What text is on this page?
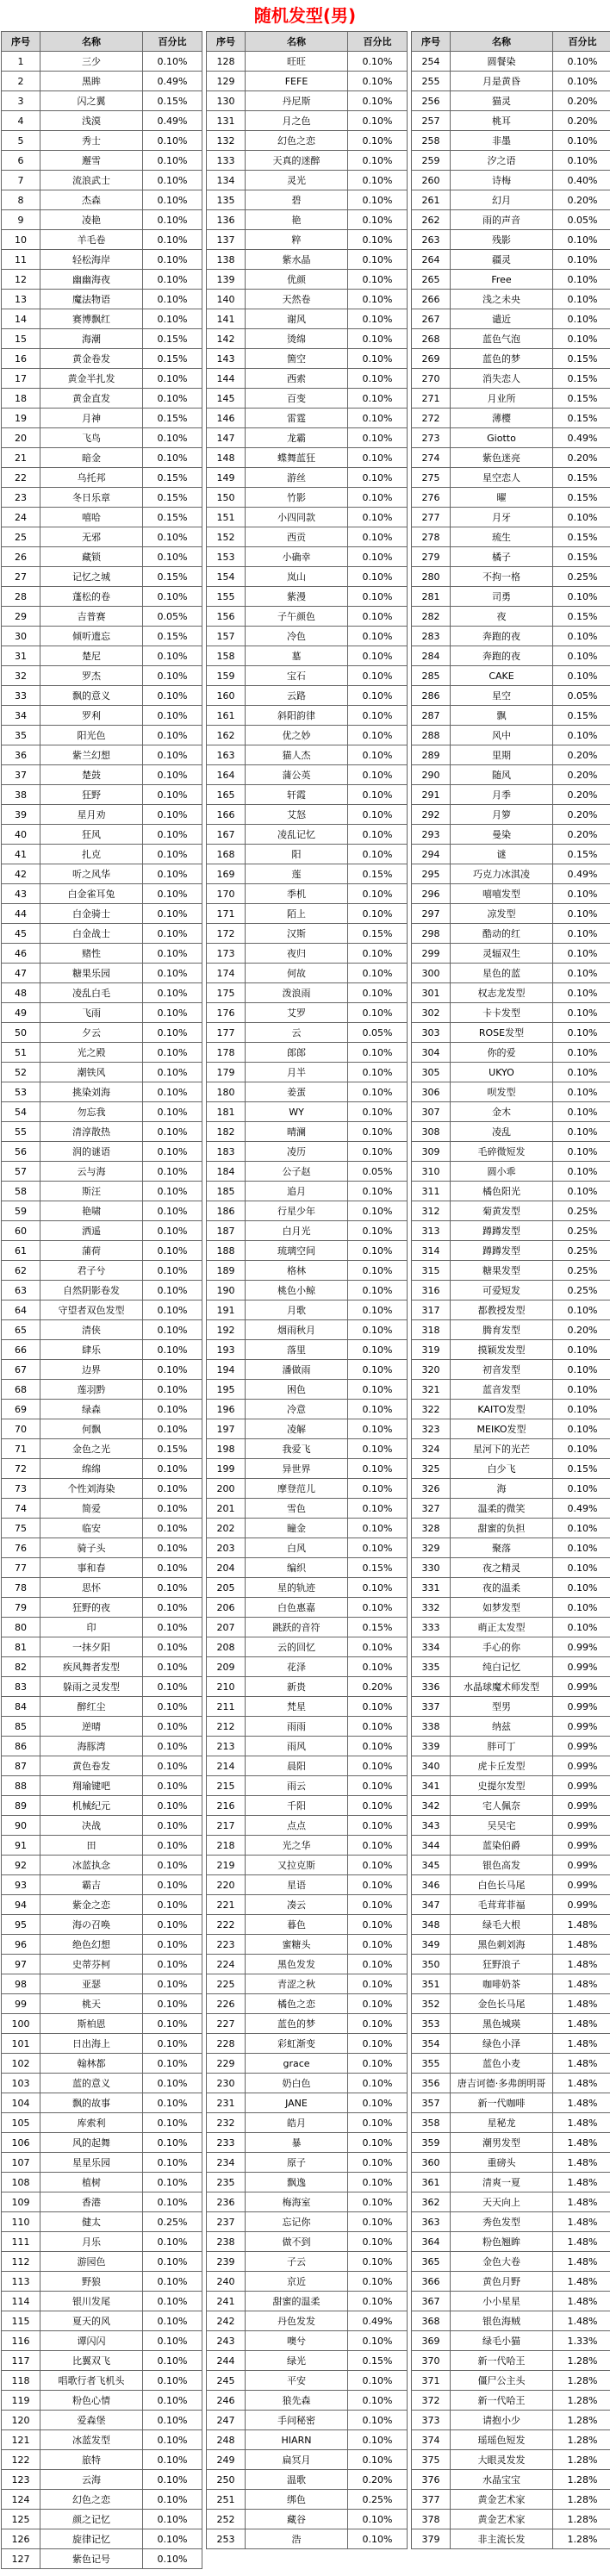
随机发型(男)
序号	名称	百分比
1	三少	0.10%
2	黑眸	0.49%
3	闪之翼	0.15%
4	浅漠	0.49%
5	秀士	0.10%
6	邂雪	0.10%
7	流浪武士	0.10%
8	杰森	0.10%
9	凌艳	0.10%
10	羊毛卷	0.10%
11	轻松海岸	0.10%
12	幽幽海夜	0.10%
13	魔法物语	0.10%
14	赛博飘红	0.10%
15	海潮	0.15%
16	黄金卷发	0.15%
17	黄金半扎发	0.10%
18	黄金直发	0.10%
19	月神	0.15%
20	飞鸟	0.10%
21	暗金	0.10%
22	乌托邦	0.15%
23	冬日乐章	0.15%
24	嘻哈	0.15%
25	无邪	0.10%
26	藏锁	0.10%
27	记忆之城	0.15%
28	蓬松的卷	0.10%
29	吉普赛	0.05%
30	倾听遗忘	0.15%
31	楚尼	0.10%
32	罗杰	0.10%
33	飘的意义	0.10%
34	罗利	0.10%
35	阳光色	0.10%
36	紫兰幻想	0.10%
37	楚鼓	0.10%
38	狂野	0.10%
39	星月劝	0.10%
40	狂风	0.10%
41	扎克	0.10%
42	听之风华	0.10%
43	白金雀耳兔	0.10%
44	白金骑士	0.10%
45	白金战士	0.10%
46	赌性	0.10%
47	糖果乐园	0.10%
48	凌乱白毛	0.10%
49	飞雨	0.10%
50	夕云	0.10%
51	光之殿	0.10%
52	潮铁风	0.10%
53	挑染刘海	0.10%
54	勿忘我	0.10%
55	清淳散热	0.10%
56	润的谜语	0.10%
57	云与海	0.10%
58	斯汪	0.10%
59	艳啸	0.10%
60	洒遥	0.10%
61	蒲荷	0.10%
62	君子兮	0.10%
63	自然阴影卷发	0.10%
64	守望者双色发型	0.10%
65	清侠	0.10%
66	肆乐	0.10%
67	边界	0.10%
68	莲羽黔	0.10%
69	绿森	0.10%
70	何飘	0.10%
71	金色之光	0.15%
72	绵绵	0.10%
73	个性刘海染	0.10%
74	简爱	0.10%
75	临安	0.10%
76	骑子头	0.10%
77	事和春	0.10%
78	思怀	0.10%
79	狂野的夜	0.10%
80	印	0.10%
81	一抹夕阳	0.10%
82	疾风舞者发型	0.10%
83	躲雨之灵发型	0.10%
84	醉红尘	0.10%
85	逆晴	0.10%
86	海豚湾	0.10%
87	黄色卷发	0.10%
88	翔瑜键吧	0.10%
89	机械纪元	0.10%
90	决战	0.10%
91	田	0.10%
92	冰蓝执念	0.10%
93	霸吉	0.10%
94	紫金之恋	0.10%
95	海の召唤	0.10%
96	绝色幻想	0.10%
97	史蒂芬柯	0.10%
98	亚瑟	0.10%
99	桃天	0.10%
100	斯柏恩	0.10%
101	日出海上	0.10%
102	翰林都	0.10%
103	蓝的意义	0.10%
104	飘的故事	0.10%
105	库索利	0.10%
106	风的起舞	0.10%
107	星星乐园	0.10%
108	植树	0.10%
109	香港	0.10%
110	健太	0.25%
111	月乐	0.10%
112	游园色	0.10%
113	野狼	0.10%
114	银川发尾	0.10%
115	夏天的风	0.10%
116	谭闪闪	0.10%
117	比翼双飞	0.10%
118	唱歌行者飞机头	0.10%
119	粉色心情	0.10%
120	爱森堡	0.10%
121	冰蓝发型	0.10%
122	旅特	0.10%
123	云海	0.10%
124	幻色之恋	0.10%
125	颜之记忆	0.10%
126	旋律记忆	0.10%
127	紫色记号	0.10%
序号	名称	百分比
128	旺旺	0.10%
129	FEFE	0.10%
130	丹尼斯	0.10%
131	月之色	0.10%
132	幻色之恋	0.10%
133	天真的迷醉	0.10%
134	灵光	0.10%
135	碧	0.10%
136	艳	0.10%
137	粹	0.10%
138	紫水晶	0.10%
139	优颜	0.10%
140	天然卷	0.10%
141	谢风	0.10%
142	烫绵	0.10%
143	箇空	0.10%
144	西索	0.10%
145	百变	0.10%
146	雷霆	0.10%
147	龙霸	0.10%
148	蝶舞蓝狂	0.10%
149	游丝	0.10%
150	竹影	0.10%
151	小四同款	0.10%
152	西贡	0.10%
153	小确幸	0.10%
154	岚山	0.10%
155	紫漫	0.10%
156	子午颜色	0.10%
157	冷色	0.10%
158	墓	0.10%
159	宝石	0.10%
160	云路	0.10%
161	斜阳韵律	0.10%
162	优之妙	0.10%
163	猫人杰	0.10%
164	蒲公英	0.10%
165	轩霞	0.10%
166	艾怒	0.10%
167	凌乱记忆	0.10%
168	阳	0.10%
169	莲	0.15%
170	季机	0.10%
171	陌上	0.10%
172	汉斯	0.15%
173	夜归	0.10%
174	何故	0.10%
175	泼浪雨	0.10%
176	艾罗	0.10%
177	云	0.05%
178	郎郎	0.10%
179	月半	0.10%
180	姜蛋	0.10%
181	WY	0.10%
182	晴澜	0.10%
183	凌历	0.10%
184	公子赵	0.05%
185	追月	0.10%
186	行星少年	0.10%
187	白月光	0.10%
188	琉璃空间	0.10%
189	格林	0.10%
190	桃色小鲸	0.10%
191	月歌	0.10%
192	烟雨秋月	0.10%
193	落里	0.10%
194	潘做雨	0.10%
195	困色	0.10%
196	冷意	0.10%
197	凌解	0.10%
198	我爱飞	0.10%
199	异世界	0.10%
200	摩登范儿	0.10%
201	雪色	0.10%
202	瞳金	0.10%
203	白风	0.10%
204	编织	0.15%
205	星的轨迹	0.10%
206	白色惠嘉	0.10%
207	跳跃的音符	0.15%
208	云的回忆	0.10%
209	花泽	0.10%
210	新贵	0.20%
211	梵星	0.10%
212	雨雨	0.10%
213	雨风	0.10%
214	晨阳	0.10%
215	雨云	0.10%
216	千阳	0.10%
217	点点	0.10%
218	光之华	0.10%
219	又拉克斯	0.10%
220	星语	0.10%
221	凑云	0.10%
222	暮色	0.10%
223	蜜糖头	0.10%
224	黑色发发	0.10%
225	青涩之秋	0.10%
226	橘色之恋	0.10%
227	蓝色的梦	0.10%
228	彩虹渐变	0.10%
229	grace	0.10%
230	奶白色	0.10%
231	JANE	0.10%
232	皓月	0.10%
233	暴	0.10%
234	原子	0.10%
235	飘逸	0.10%
236	梅海室	0.10%
237	忘记你	0.10%
238	做不到	0.10%
239	子云	0.10%
240	京近	0.10%
241	甜蜜的温柔	0.10%
242	丹色发发	0.49%
243	噢兮	0.10%
244	绿光	0.15%
245	平安	0.10%
246	狼先森	0.10%
247	手问秘密	0.10%
248	HIARN	0.10%
249	扁冥月	0.10%
250	温歌	0.20%
251	绑色	0.25%
252	藏谷	0.10%
253	浩	0.10%
序号	名称	百分比
254	圆餐染	0.10%
255	月是黄昏	0.10%
256	猫灵	0.20%
257	桃耳	0.20%
258	非墨	0.10%
259	汐之语	0.10%
260	诗梅	0.40%
261	幻月	0.20%
262	雨的声音	0.05%
263	残影	0.10%
264	疆灵	0.10%
265	Free	0.10%
266	浅之未央	0.10%
267	谴近	0.10%
268	蓝色气泡	0.10%
269	蓝色的梦	0.15%
270	消失恋人	0.15%
271	月业所	0.15%
272	薄樱	0.15%
273	Giotto	0.49%
274	紫色迷亮	0.20%
275	星空恋人	0.15%
276	曜	0.15%
277	月牙	0.10%
278	琉生	0.15%
279	橘子	0.15%
280	不拘一格	0.25%
281	司勇	0.10%
282	夜	0.15%
283	奔跑的夜	0.10%
284	奔跑的夜	0.10%
285	CAKE	0.10%
286	星空	0.05%
287	飘	0.15%
288	风中	0.10%
289	里期	0.20%
290	随风	0.20%
291	月季	0.20%
292	月箩	0.20%
293	曼染	0.20%
294	谜	0.15%
295	巧克力冰淇凌	0.49%
296	嘻嘻发型	0.10%
297	凉发型	0.10%
298	酷动的红	0.10%
299	灵辐双生	0.10%
300	星色的蓝	0.10%
301	权志龙发型	0.10%
302	卡卡发型	0.10%
303	ROSE发型	0.10%
304	你的爱	0.10%
305	UKYO	0.10%
306	呗发型	0.10%
307	金木	0.10%
308	凌乱	0.10%
309	毛碎微短发	0.10%
310	圆小乖	0.10%
311	橘色阳光	0.10%
312	菊黄发型	0.25%
313	蹲蹲发型	0.25%
314	蹲蹲发型	0.25%
315	糖果发型	0.25%
316	可爱短发	0.25%
317	都教授发型	0.10%
318	腾育发型	0.20%
319	摸颖发发型	0.10%
320	初音发型	0.10%
321	蓝音发型	0.10%
322	KAITO发型	0.10%
323	MEIKO发型	0.10%
324	星河下的光芒	0.10%
325	白少飞	0.15%
326	海	0.10%
327	温柔的微笑	0.49%
328	甜蜜的负担	0.10%
329	聚落	0.10%
330	夜之精灵	0.10%
331	夜的温柔	0.10%
332	如梦发型	0.10%
333	萌正太发型	0.10%
334	手心的你	0.99%
335	纯白记忆	0.99%
336	水晶球魔术师发型	0.99%
337	型男	0.99%
338	纳兹	0.99%
339	胖可丁	0.99%
340	虎卡丘发型	0.99%
341	史提尔发型	0.99%
342	宅人佩奈	0.99%
343	吴吴宅	0.99%
344	蓝染伯爵	0.99%
345	银色高发	0.99%
346	白色长马尾	0.99%
347	毛茸茸菲福	0.99%
348	绿毛大根	1.48%
349	黑色刺刘海	1.48%
350	狂野浪子	1.48%
351	咖啡奶茶	1.48%
352	金色长马尾	1.48%
353	黑色城瑛	1.48%
354	绿色小泽	1.48%
355	蓝色小麦	1.48%
356	唐吉诃德·多弗朗明哥	1.48%
357	新一代咖啡	1.48%
358	星秘龙	1.48%
359	潮男发型	1.48%
360	重磅头	1.48%
361	清爽一夏	1.48%
362	天天向上	1.48%
363	秀色发型	1.48%
364	粉色翘眸	1.48%
365	金色大卷	1.48%
366	黄色月野	1.48%
367	小小星星	1.48%
368	银色海贼	1.48%
369	绿毛小猫	1.33%
370	新一代哈王	1.28%
371	僵尸公主头	1.28%
372	新一代哈王	1.28%
373	请抱小少	1.28%
374	瑶瑶色短发	1.28%
375	大眼灵发发	1.28%
376	水晶宝宝	1.28%
377	黄金艺术家	1.28%
378	黄金艺术家	1.28%
379	非主流长发	1.28%
